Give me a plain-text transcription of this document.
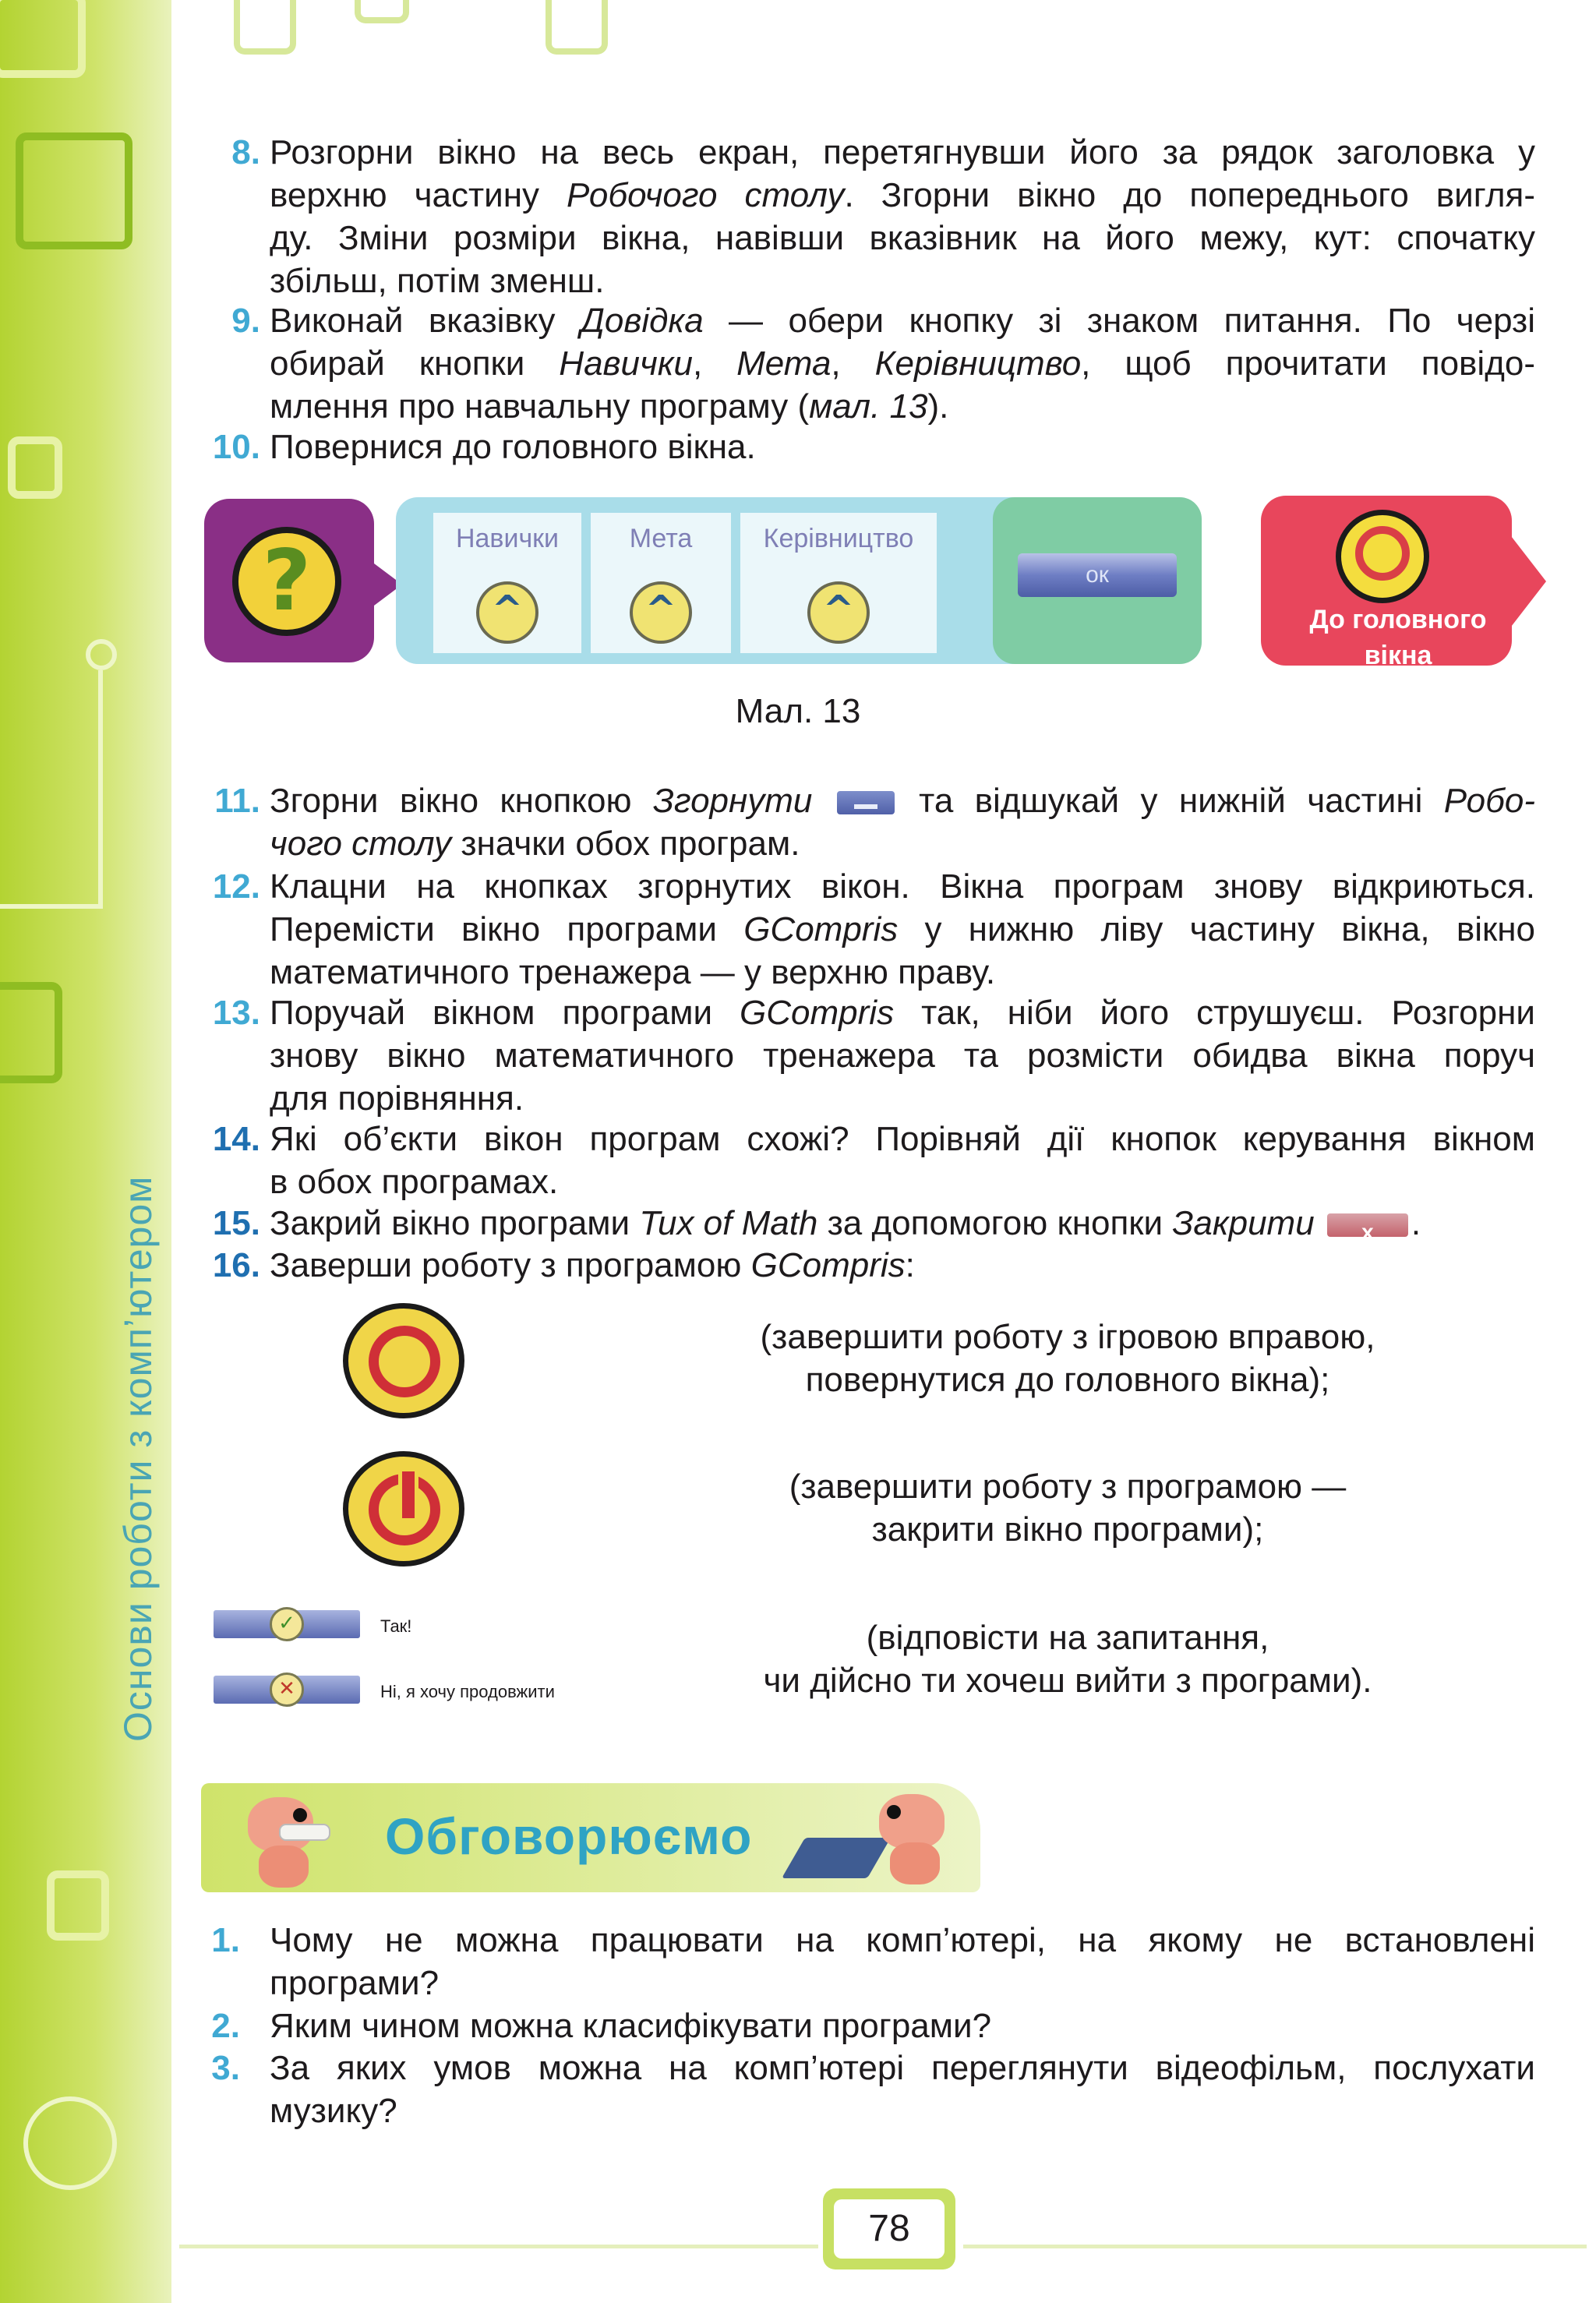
Основи роботи з комп’ютером
8. Розгорни вікно на весь екран, перетягнувши його за рядок заголовка у
верхню частину Робочого столу. Згорни вікно до попереднього вигля-
ду. Зміни розміри вікна, навівши вказівник на його межу, кут: спочатку
збільш, потім зменш.
9. Виконай вказівку Довідка — обери кнопку зі знаком питання. По черзі
обирай кнопки Навички, Мета, Керівництво, щоб прочитати повідо-
млення про навчальну програму (мал. 13).
10. Повернися до головного вікна.
?	Навички
^
Мета
^
Керівництво
^
ок
До головного
вікна
Мал. 13
11. Згорни вікно кнопкою Згорнути  та відшукай у нижній частині Робо-
чого столу значки обох програм.
12. Клацни на кнопках згорнутих вікон. Вікна програм знову відкриються.
Перемісти вікно програми GCompris у нижню ліву частину вікна, вікно
математичного тренажера — у верхню праву.
13. Поручай вікном програми GCompris так, ніби його струшуєш. Розгорни
знову вікно математичного тренажера та розмісти обидва вікна поруч
для порівняння.
14. Які об’єкти вікон програм схожі? Порівняй дії кнопок керування вікном
в обох програмах.
15. Закрий вікно програми Tux of Math за допомогою кнопки Закрити x	.
16. Заверши роботу з програмою GCompris:
(завершити роботу з ігровою вправою,
повернутися до головного вікна);
(завершити роботу з програмою —
закрити вікно програми);
✓	Так!
✕	Ні, я хочу продовжити
(відповісти на запитання,
чи дійсно ти хочеш вийти з програми).
Обговорюємо
1. Чому не можна працювати на комп’ютері, на якому не встановлені
програми?
2. Яким чином можна класифікувати програми?
3. За яких умов можна на комп’ютері переглянути відеофільм, послухати
музику?
78
